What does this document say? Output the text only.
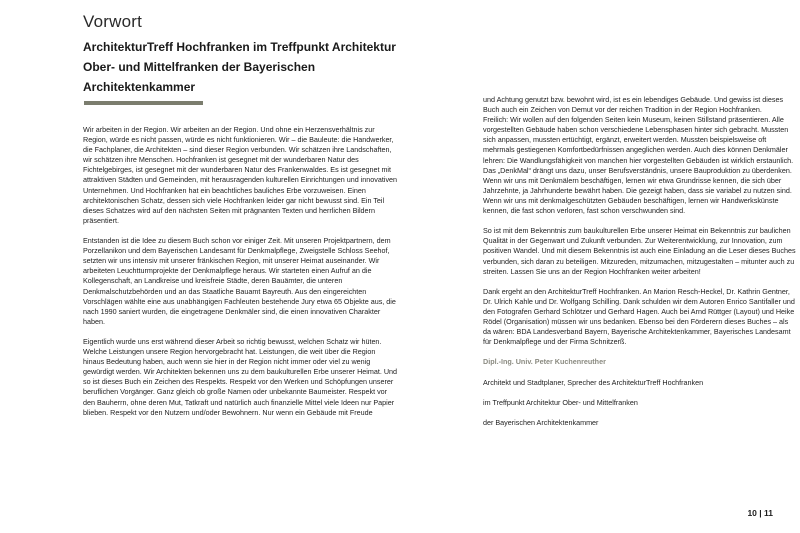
Vorwort
ArchitekturTreff Hochfranken im Treffpunkt Architektur Ober- und Mittelfranken der Bayerischen Architektenkammer

Wir arbeiten in der Region. Wir arbeiten an der Region. Und ohne ein Herzensverhältnis zur Region, würde es nicht passen, würde es nicht funktionieren. Wir – die Bauleute: die Handwerker, die Fachplaner, die Architekten – sind dieser Region verbunden. Wir schätzen ihre Landschaften, wir schätzen ihre Menschen. Hochfranken ist gesegnet mit der wunderbaren Natur des Fichtelgebirges, ist gesegnet mit der wunderbaren Natur des Frankenwaldes. Es ist gesegnet mit attraktiven Städten und Gemeinden, mit herausragenden kulturellen Einrichtungen und innovativen Unternehmen. Und Hochfranken hat ein beachtliches bauliches Erbe vorzuweisen. Einen architektonischen Schatz, dessen sich viele Hochfranken leider gar nicht bewusst sind. Ein Teil dieses Schatzes wird auf den nächsten Seiten mit prägnanten Texten und herrlichen Bildern präsentiert.

Entstanden ist die Idee zu diesem Buch schon vor einiger Zeit. Mit unseren Projektpartnern, dem Porzellanikon und dem Bayerischen Landesamt für Denkmalpflege, Zweigstelle Schloss Seehof, setzten wir uns intensiv mit unserer fränkischen Region, mit unserer Heimat auseinander. Wir arbeiteten Leuchtturmprojekte der Denkmalpflege heraus. Wir starteten einen Aufruf an die Kollegenschaft, an Landkreise und kreisfreie Städte, deren Bauämter, die unteren Denkmalschutzbehörden und an das Staatliche Bauamt Bayreuth. Aus den eingereichten Vorschlägen wählte eine aus unabhängigen Fachleuten bestehende Jury etwa 65 Objekte aus, die nach 1990 saniert wurden, die eingetragene Denkmäler sind, die einen innovativen Charakter haben.

Eigentlich wurde uns erst während dieser Arbeit so richtig bewusst, welchen Schatz wir hüten. Welche Leistungen unsere Region hervorgebracht hat. Leistungen, die weit über die Region hinaus Bedeutung haben, auch wenn sie hier in der Region nicht immer oder viel zu wenig gewürdigt werden. Wir Architekten bekennen uns zu dem baukulturellen Erbe unserer Heimat. Und so ist dieses Buch ein Zeichen des Respekts. Respekt vor den Werken und Schöpfungen unserer beruflichen Vorgänger. Ganz gleich ob große Namen oder unbekannte Baumeister. Respekt vor den Bauherrn, ohne deren Mut, Tatkraft und natürlich auch finanzielle Mittel viele Ideen nur Papier blieben. Respekt vor den Nutzern und/oder Bewohnern. Nur wenn ein Gebäude mit Freude

und Achtung genutzt bzw. bewohnt wird, ist es ein lebendiges Gebäude. Und gewiss ist dieses Buch auch ein Zeichen von Demut vor der reichen Tradition in der Region Hochfranken.

Freilich: Wir wollen auf den folgenden Seiten kein Museum, keinen Stillstand präsentieren. Alle vorgestellten Gebäude haben schon verschiedene Lebensphasen hinter sich gebracht. Mussten sich anpassen, mussten ertüchtigt, ergänzt, erweitert werden. Mussten beispielsweise oft mehrmals gestiegenen Komfortbedürfnissen angeglichen werden. Auch dies können Denkmäler lehren: Die Wandlungsfähigkeit von manchen hier vorgestellten Gebäuden ist wirklich erstaunlich. Das „DenkMal“ drängt uns dazu, unser Berufsverständnis, unsere Bauproduktion zu überdenken. Wenn wir uns mit Denkmälern beschäftigen, lernen wir etwa Grundrisse kennen, die sich über Jahrzehnte, ja Jahrhunderte bewährt haben. Die gezeigt haben, dass sie variabel zu nutzen sind. Wenn wir uns mit denkmalgeschützten Gebäuden beschäftigen, lernen wir Handwerkskünste kennen, die fast schon verloren, fast schon verschwunden sind.

So ist mit dem Bekenntnis zum baukulturellen Erbe unserer Heimat ein Bekenntnis zur baulichen Qualität in der Gegenwart und Zukunft verbunden. Zur Weiterentwicklung, zur Innovation, zum positiven Wandel. Und mit diesem Bekenntnis ist auch eine Einladung an die Leser dieses Buches verbunden, sich daran zu beteiligen. Mitzureden, mitzumachen, mitzugestalten – mitunter auch zu streiten. Lassen Sie uns an der Region Hochfranken weiter arbeiten!

Dank ergeht an den ArchitekturTreff Hochfranken. An Marion Resch-Heckel, Dr. Kathrin Gentner, Dr. Ulrich Kahle und Dr. Wolfgang Schilling. Dank schulden wir dem Autoren Enrico Santifaller und den Fotografen Gerhard Schlötzer und Gerhard Hagen. Auch bei Arnd Rüttger (Layout) und Heike Rödel (Organisation) müssen wir uns bedanken. Ebenso bei den Förderern dieses Buches – als da wären: BDA Landesverband Bayern, Bayerische Architektenkammer, Bayerisches Landesamt für Denkmalpflege und der Firma Schnitzerß.

Dipl.-Ing. Univ. Peter Kuchenreuther

Architekt und Stadtplaner, Sprecher des ArchitekturTreff Hochfranken

im Treffpunkt Architektur Ober- und Mittelfranken

der Bayerischen Architektenkammer

10 | 11
